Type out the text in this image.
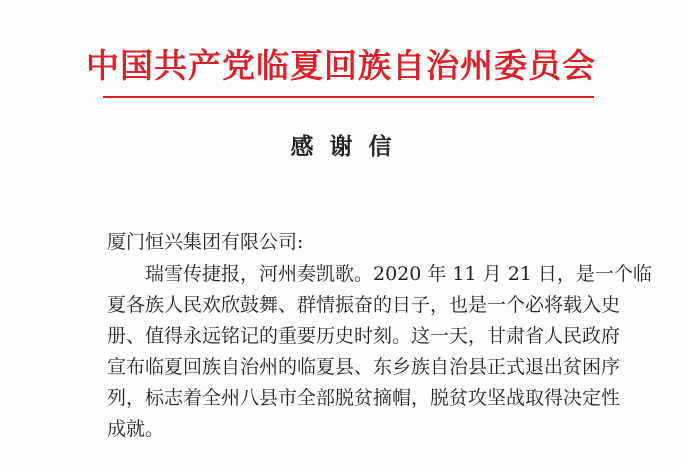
中国共产党临夏回族自治州委员会
感谢信
厦门恒兴集团有限公司:
瑞雪传捷报，河州奏凯歌。2020 年 11 月 21 日，是一个临
夏各族人民欢欣鼓舞、群情振奋的日子，也是一个必将载入史
册、值得永远铭记的重要历史时刻。这一天，甘肃省人民政府
宣布临夏回族自治州的临夏县、东乡族自治县正式退出贫困序
列，标志着全州八县市全部脱贫摘帽，脱贫攻坚战取得决定性
成就。
